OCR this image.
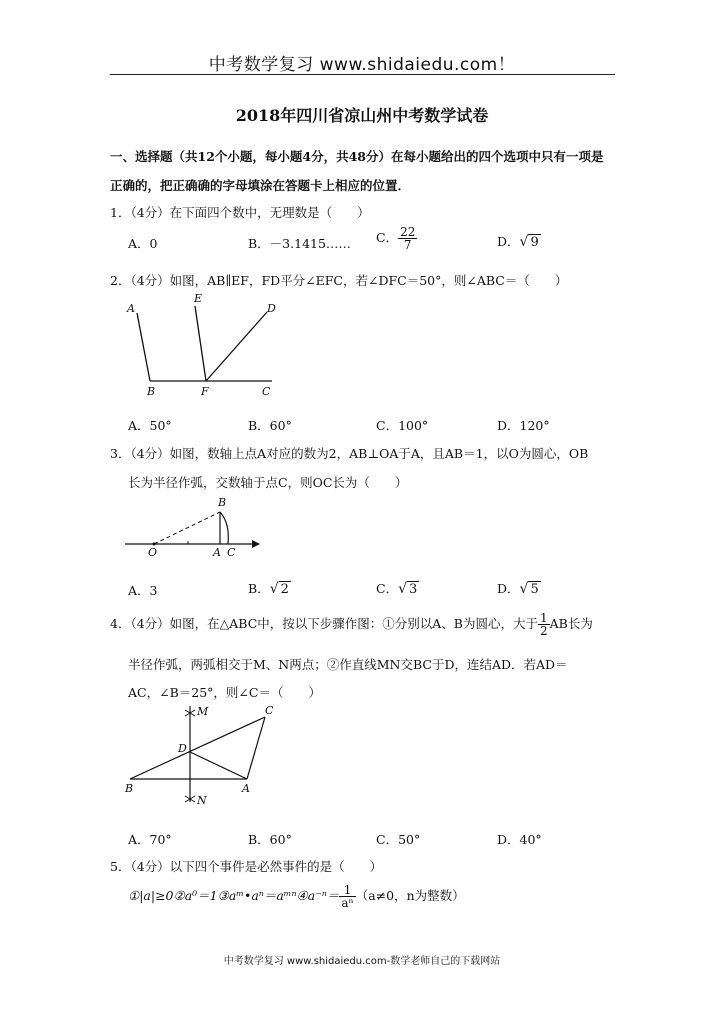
中考数学复习 www.shidaiedu.com！
2018年四川省凉山州中考数学试卷
一、选择题（共12个小题，每小题4分，共48分）在每小题给出的四个选项中只有一项是
正确的，把正确确的字母填涂在答题卡上相应的位置．
1．（4分）在下面四个数中，无理数是（　　）
A．0	B．－3.1415…… C． $\frac{22}{7}$	D．√ 9
2．（4分）如图，AB∥EF，FD平分∠EFC，若∠DFC＝50°，则∠ABC＝（　　）
A
E
D
B	F	C
A．50°	B．60°	C．100°	D．120°
3．（4分）如图，数轴上点A对应的数为2，AB⊥OA于A，且AB＝1，以O为圆心，OB
长为半径作弧，交数轴于点C，则OC长为（　　）
B
O	A C
A．3	B．√ 2	C．√ 3	D．√ 5
4．（4分）如图，在△ABC中，按以下步骤作图：①分别以A、B为圆心，大于 $\frac{1}{2}$ AB长为
半径作弧，两弧相交于M、N两点；②作直线MN交BC于D，连结AD．若AD＝
AC，∠B＝25°，则∠C＝（　　）
M	C
D
B	A
N
A．70°	B．60°	C．50°	D．40°
5．（4分）以下四个事件是必然事件的是（　　）
①|a|≥0②a⁰＝1③aᵐ•aⁿ＝aᵐⁿ④a⁻ⁿ＝ $\frac{1}{\text{aⁿ}} (a\ne 0$，n为整数）
中考数学复习 www.shidaiedu.com-数学老师自己的下载网站
